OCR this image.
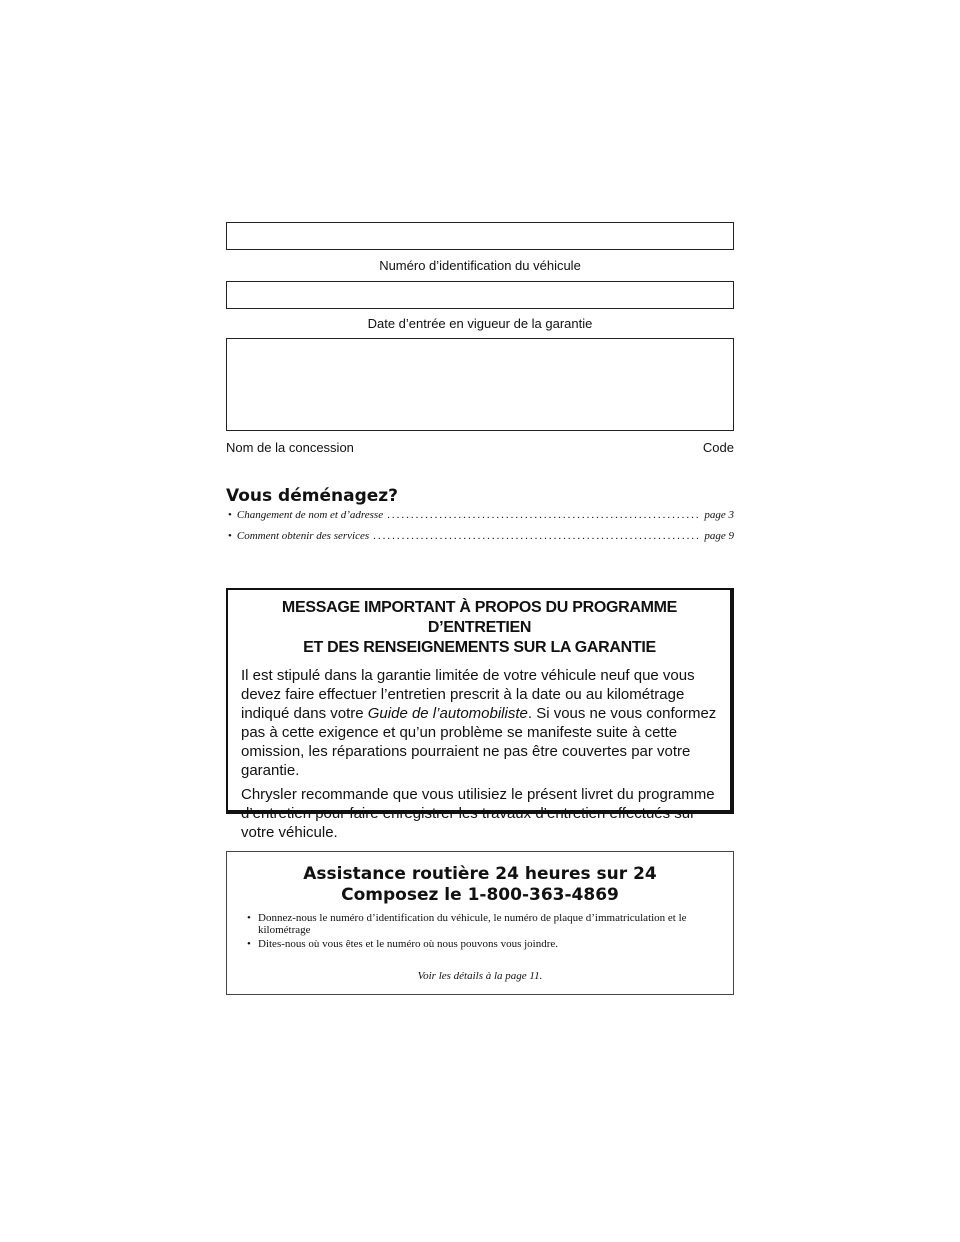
Numéro d’identification du véhicule
Date d’entrée en vigueur de la garantie
Nom de la concession	Code
Vous déménagez?
• Changement de nom et d’adresse .....	page 3
• Comment obtenir des services .....	page 9
MESSAGE IMPORTANT À PROPOS DU PROGRAMME D’ENTRETIEN
ET DES RENSEIGNEMENTS SUR LA GARANTIE

Il est stipulé dans la garantie limitée de votre véhicule neuf que vous devez faire effectuer l’entretien prescrit à la date ou au kilométrage indiqué dans votre Guide de l’automobiliste. Si vous ne vous conformez pas à cette exigence et qu’un problème se manifeste suite à cette omission, les réparations pourraient ne pas être couvertes par votre garantie.

Chrysler recommande que vous utilisiez le présent livret du programme d’entretien pour faire enregistrer les travaux d’entretien effectués sur votre véhicule.

Assistance routière 24 heures sur 24
Composez le 1-800-363-4869
• Donnez-nous le numéro d’identification du véhicule, le numéro de plaque d’immatriculation et le kilométrage
• Dites-nous où vous êtes et le numéro où nous pouvons vous joindre.
Voir les détails à la page 11.
